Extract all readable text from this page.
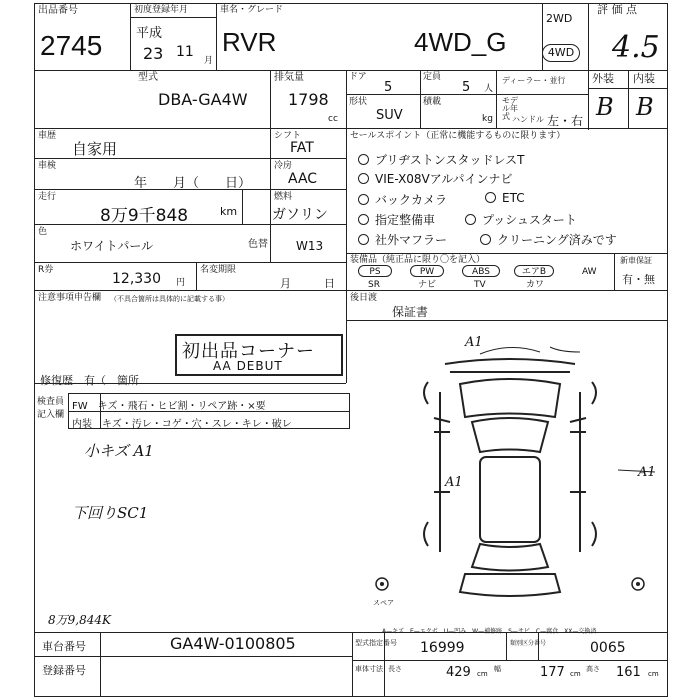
出品番号
2745
初度登録年月
平成
23 11
月
車名・グレード
RVR	4WD_G
2WD
4WD
評 価 点
4.5
型式
DBA-GA4W
排気量
1798
cc
ドア
5
定員
5 人
ディーラー・並行
形状
SUV
積載
kg
モデル年式 ハンドル 左・右
外装 内装
B B
車歴
自家用
車検
年　　月（　　日）
走行
8万9千848	km
色
ホワイトパール
R券
12,330 円
シフト
FAT
冷房
AAC
燃料
ガソリン
色替 W13
名変期限
月　　　日
注意事項申告欄 （不具合箇所は具体的に記載する事）
初出品コーナー
AA DEBUT
修復歴　有（　箇所
セールスポイント（正常に機能するものに限ります）
ブリヂストンスタッドレスT
VIE-X08Vアルパインナビ
バックカメラ	ETC
指定整備車	プッシュスタート
社外マフラー	クリーニング済みです
装備品（純正品に限り〇を記入）
PS	PW	ABS	エアB	AW
SR	ナビ	TV	カワ
新車保証
有・無
後日渡
保証書
検査員記入欄
FW　キズ・飛石・ヒビ割・リペア跡・×要
内装　キズ・汚レ・コゲ・穴・スレ・キレ・破レ
小キズ A1
下回りSC1
8万9,844K
A1
A1
A1
スペア
A—キズ　E—エクボ　U—凹み　W—補修跡　S—サビ　C—腐食　XX—交換済
車台番号	GA4W-0100805
登録番号
型式指定番号 16999	類別区分番号	0065
車体寸法 長さ	429 cm
幅	177 cm
高さ 161 cm
